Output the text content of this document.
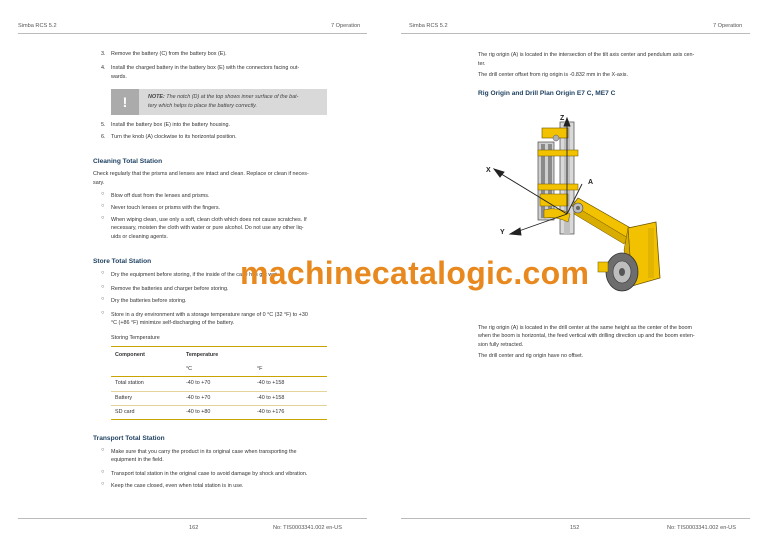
Simba RCS 5.2	7 Operation
3. Remove the battery (C) from the battery box (E).
4. Install the charged battery in the battery box (E) with the connectors facing out-
wards.
!	NOTE: The notch (D) at the top shows inner surface of the bat-
tery which helps to place the battery correctly.
5. Install the battery box (E) into the battery housing.
6. Turn the knob (A) clockwise to its horizontal position.
Cleaning Total Station
Check regularly that the prisms and lenses are intact and clean. Replace or clean if neces-
sary.
○ Blow off dust from the lenses and prisms.
○ Never touch lenses or prisms with the fingers.
○ When wiping clean, use only a soft, clean cloth which does not cause scratches. If
necessary, moisten the cloth with water or pure alcohol. Do not use any other liq-
uids or cleaning agents.
Store Total Station
○ Dry the equipment before storing, if the inside of the case has got wet.
○ Remove the batteries and charger before storing.
○ Dry the batteries before storing.
○ Store in a dry environment with a storage temperature range of 0 °C (32 °F) to +30
°C (+86 °F) minimize self-discharging of the battery.
Storing Temperature
Component	Temperature
°C	°F
Total station	-40 to +70	-40 to +158
Battery	-40 to +70	-40 to +158
SD card	-40 to +80	-40 to +176
Transport Total Station
○ Make sure that you carry the product in its original case when transporting the
equipment in the field.
○ Transport total station in the original case to avoid damage by shock and vibration.
○ Keep the case closed, even when total station is in use.
162	No: TIS0003341.002 en-US
Simba RCS 5.2	7 Operation
The rig origin (A) is located in the intersection of the tilt axis center and pendulum axis cen-
ter.
The drill center offset from rig origin is -0.832 mm in the X-axis.
Rig Origin and Drill Plan Origin E7 C, ME7 C
Z
X
Y
A
The rig origin (A) is located in the drill center at the same height as the center of the boom
when the boom is horizontal, the feed vertical with drilling direction up and the boom exten-
sion fully retracted.
The drill center and rig origin have no offset.
152	No: TIS0003341.002 en-US
machinecatalogic.com
